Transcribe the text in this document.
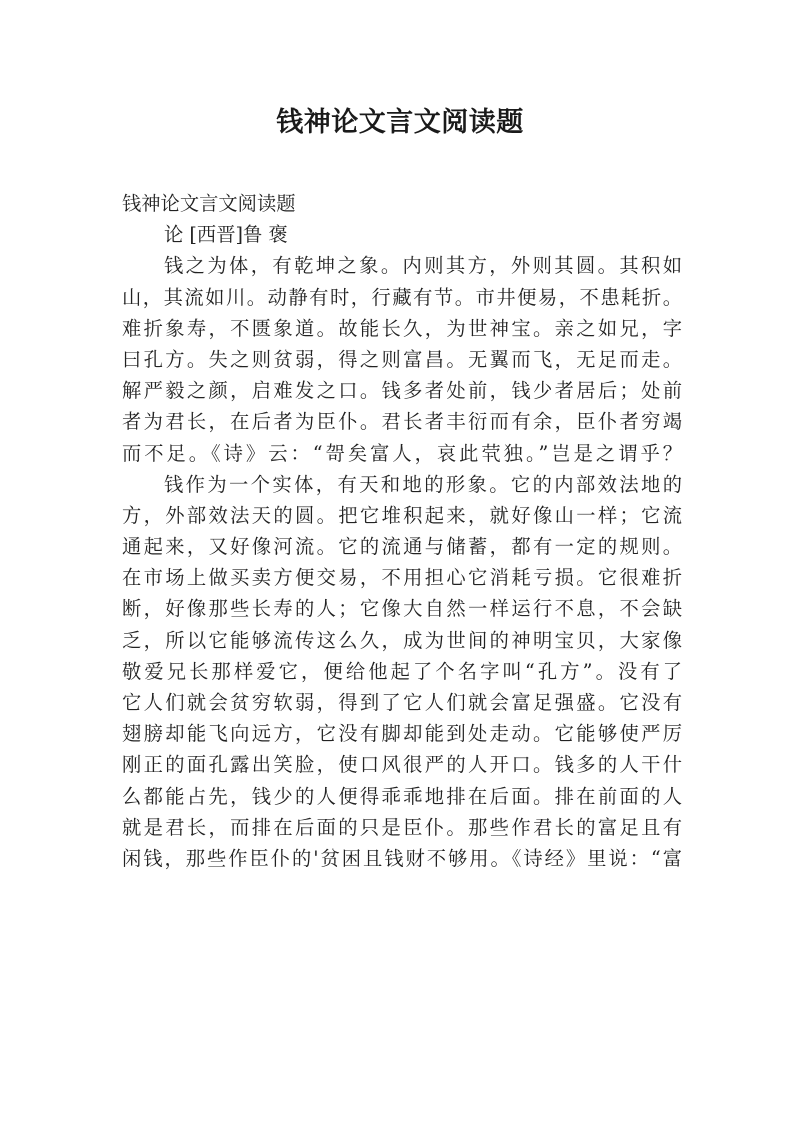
钱神论文言文阅读题
钱神论文言文阅读题
论 [西晋]鲁 褒
钱之为体，有乾坤之象。内则其方，外则其圆。其积如
山，其流如川。动静有时，行藏有节。市井便易，不患耗折。
难折象寿，不匮象道。故能长久，为世神宝。亲之如兄，字
曰孔方。失之则贫弱，得之则富昌。无翼而飞，无足而走。
解严毅之颜，启难发之口。钱多者处前，钱少者居后；处前
者为君长，在后者为臣仆。君长者丰衍而有余，臣仆者穷竭
而不足。《诗》云：“哿矣富人，哀此茕独。”岂是之谓乎？
钱作为一个实体，有天和地的形象。它的内部效法地的
方，外部效法天的圆。把它堆积起来，就好像山一样；它流
通起来，又好像河流。它的流通与储蓄，都有一定的规则。
在市场上做买卖方便交易，不用担心它消耗亏损。它很难折
断，好像那些长寿的人；它像大自然一样运行不息，不会缺
乏，所以它能够流传这么久，成为世间的神明宝贝，大家像
敬爱兄长那样爱它，便给他起了个名字叫“孔方”。没有了
它人们就会贫穷软弱，得到了它人们就会富足强盛。它没有
翅膀却能飞向远方，它没有脚却能到处走动。它能够使严厉
刚正的面孔露出笑脸，使口风很严的人开口。钱多的人干什
么都能占先，钱少的人便得乖乖地排在后面。排在前面的人
就是君长，而排在后面的只是臣仆。那些作君长的富足且有
闲钱，那些作臣仆的'贫困且钱财不够用。《诗经》里说：“富
